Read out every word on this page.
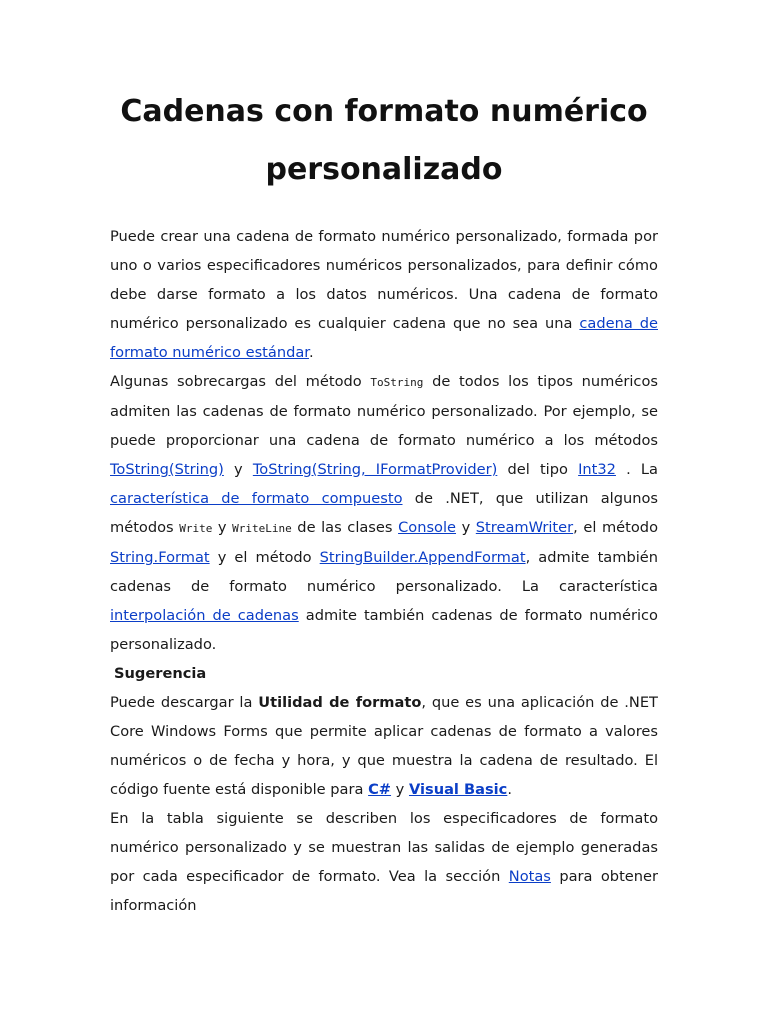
Cadenas con formato numérico personalizado

Puede crear una cadena de formato numérico personalizado, formada por uno o varios especificadores numéricos personalizados, para definir cómo debe darse formato a los datos numéricos. Una cadena de formato numérico personalizado es cualquier cadena que no sea una cadena de formato numérico estándar.

Algunas sobrecargas del método ToString de todos los tipos numéricos admiten las cadenas de formato numérico personalizado. Por ejemplo, se puede proporcionar una cadena de formato numérico a los métodos ToString(String) y ToString(String, IFormatProvider) del tipo Int32 . La característica de formato compuesto de .NET, que utilizan algunos métodos Write y WriteLine de las clases Console y StreamWriter, el método String.Format y el método StringBuilder.AppendFormat, admite también cadenas de formato numérico personalizado. La característica interpolación de cadenas admite también cadenas de formato numérico personalizado.

Sugerencia

Puede descargar la Utilidad de formato, que es una aplicación de .NET Core Windows Forms que permite aplicar cadenas de formato a valores numéricos o de fecha y hora, y que muestra la cadena de resultado. El código fuente está disponible para C# y Visual Basic.

En la tabla siguiente se describen los especificadores de formato numérico personalizado y se muestran las salidas de ejemplo generadas por cada especificador de formato. Vea la sección Notas para obtener información
